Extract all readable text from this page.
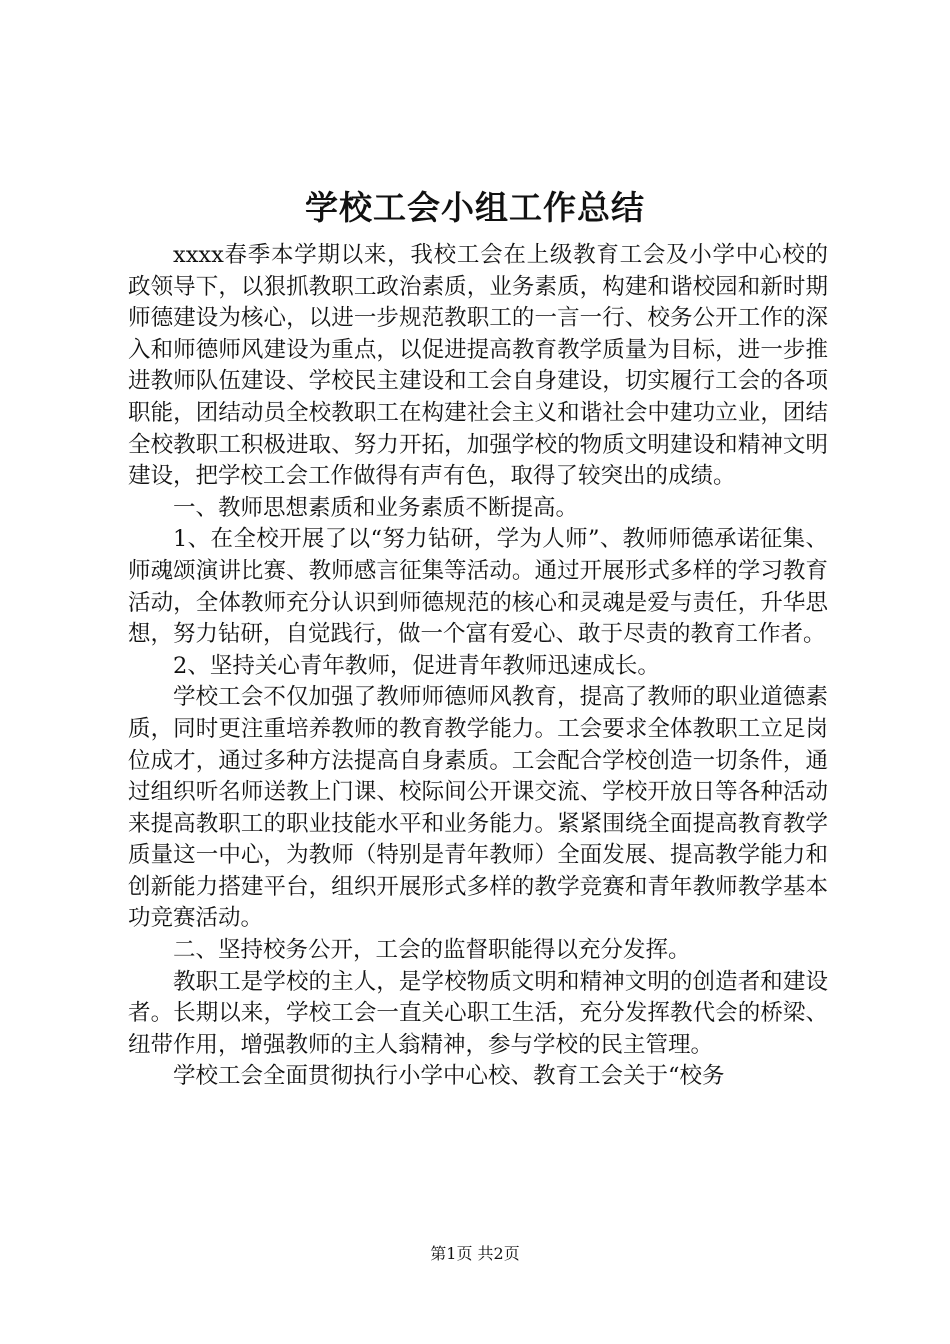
学校工会小组工作总结

xxxx春季本学期以来，我校工会在上级教育工会及小学中心校的政领导下，以狠抓教职工政治素质，业务素质，构建和谐校园和新时期师德建设为核心，以进一步规范教职工的一言一行、校务公开工作的深入和师德师风建设为重点，以促进提高教育教学质量为目标，进一步推进教师队伍建设、学校民主建设和工会自身建设，切实履行工会的各项职能，团结动员全校教职工在构建社会主义和谐社会中建功立业，团结全校教职工积极进取、努力开拓，加强学校的物质文明建设和精神文明建设，把学校工会工作做得有声有色，取得了较突出的成绩。

一、教师思想素质和业务素质不断提高。

1、在全校开展了以“努力钻研，学为人师”、教师师德承诺征集、师魂颂演讲比赛、教师感言征集等活动。通过开展形式多样的学习教育活动，全体教师充分认识到师德规范的核心和灵魂是爱与责任，升华思想，努力钻研，自觉践行，做一个富有爱心、敢于尽责的教育工作者。

2、坚持关心青年教师，促进青年教师迅速成长。

学校工会不仅加强了教师师德师风教育，提高了教师的职业道德素质，同时更注重培养教师的教育教学能力。工会要求全体教职工立足岗位成才，通过多种方法提高自身素质。工会配合学校创造一切条件，通过组织听名师送教上门课、校际间公开课交流、学校开放日等各种活动来提高教职工的职业技能水平和业务能力。紧紧围绕全面提高教育教学质量这一中心，为教师（特别是青年教师）全面发展、提高教学能力和创新能力搭建平台，组织开展形式多样的教学竞赛和青年教师教学基本功竞赛活动。

二、坚持校务公开，工会的监督职能得以充分发挥。

教职工是学校的主人，是学校物质文明和精神文明的创造者和建设者。长期以来，学校工会一直关心职工生活，充分发挥教代会的桥梁、纽带作用，增强教师的主人翁精神，参与学校的民主管理。

学校工会全面贯彻执行小学中心校、教育工会关于“校务

第1页 共2页
